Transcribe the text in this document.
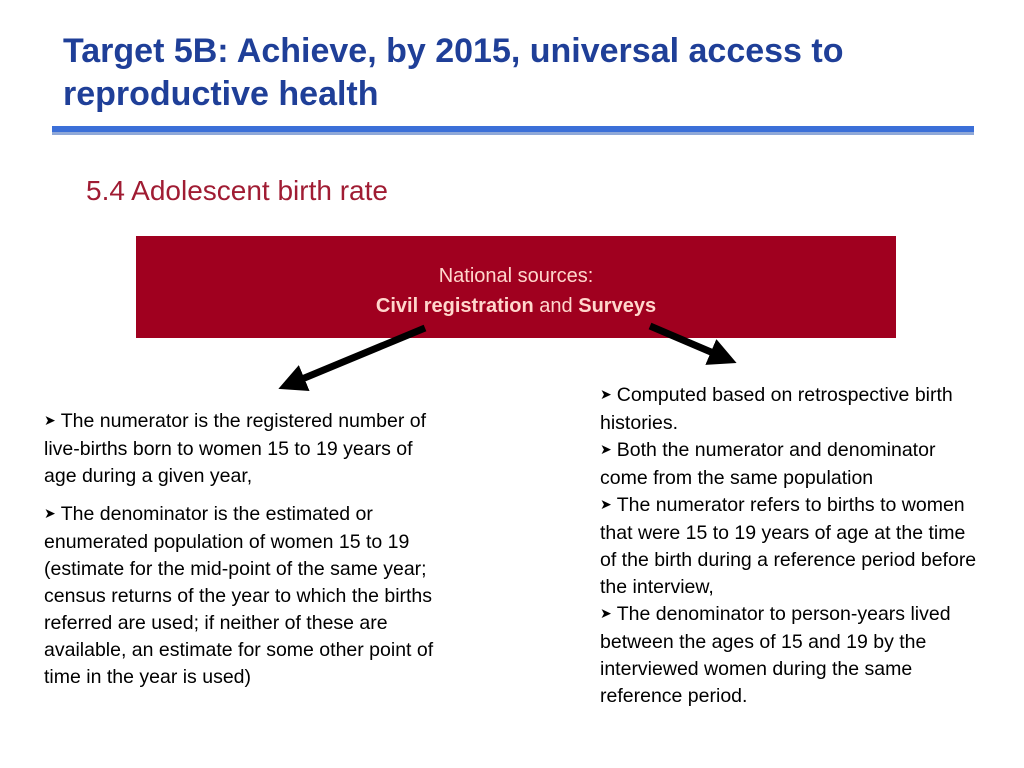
Target 5B: Achieve, by 2015, universal access to reproductive health
5.4 Adolescent birth rate
National sources:
Civil registration and Surveys

➤ The numerator is the registered number of live-births born to women 15 to 19 years of age during a given year,

➤ The denominator is the estimated or enumerated population of women 15 to 19 (estimate for the mid-point of the same year; census returns of the year to which the births referred are used; if neither of these are available, an estimate for some other point of time in the year is used)

➤ Computed based on retrospective birth histories.

➤ Both the numerator and denominator come from the same population

➤ The numerator refers to births to women that were 15 to 19 years of age at the time of the birth during a reference period before the interview,

➤ The denominator to person-years lived between the ages of 15 and 19 by the interviewed women during the same reference period.
